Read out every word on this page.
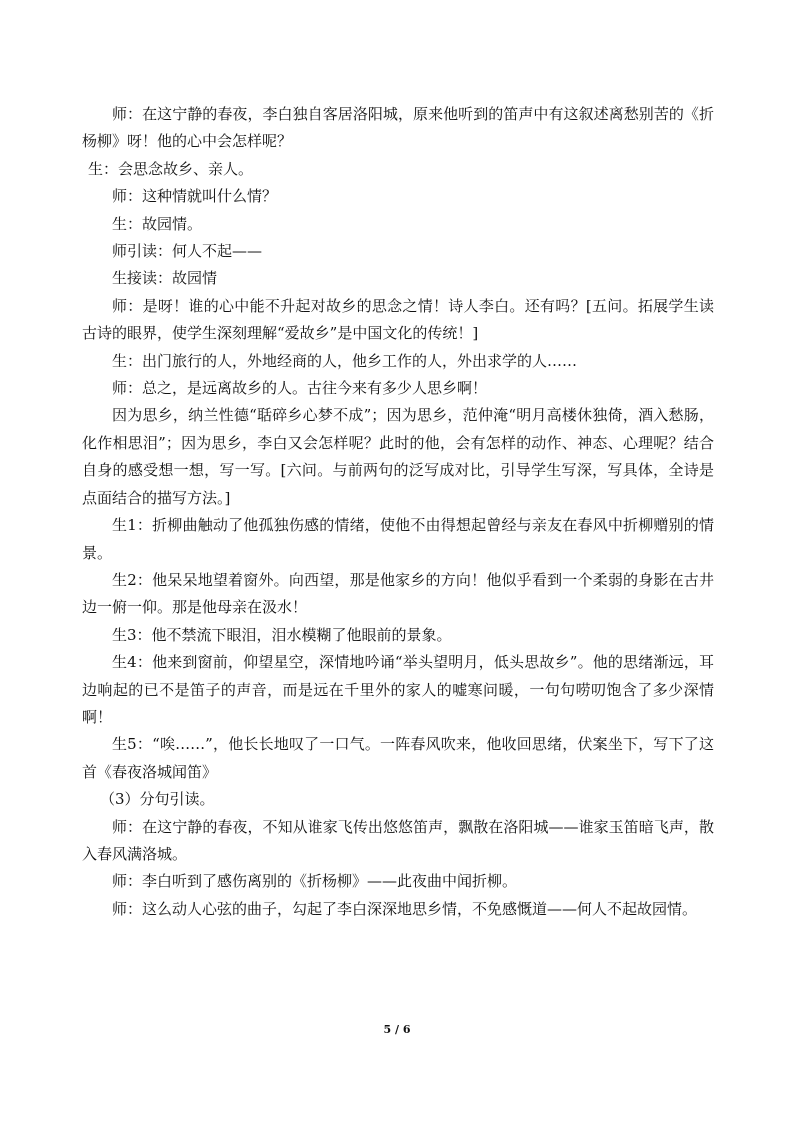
师：在这宁静的春夜，李白独自客居洛阳城，原来他听到的笛声中有这叙述离愁别苦的《折杨柳》呀！他的心中会怎样呢？

生：会思念故乡、亲人。

师：这种情就叫什么情？

生：故园情。

师引读：何人不起——

生接读：故园情

师：是呀！谁的心中能不升起对故乡的思念之情！诗人李白。还有吗？[五问。拓展学生读古诗的眼界，使学生深刻理解“爱故乡”是中国文化的传统！]

生：出门旅行的人，外地经商的人，他乡工作的人，外出求学的人……

师：总之，是远离故乡的人。古往今来有多少人思乡啊！

因为思乡，纳兰性德“聒碎乡心梦不成”；因为思乡，范仲淹“明月高楼休独倚，酒入愁肠，化作相思泪”；因为思乡，李白又会怎样呢？此时的他，会有怎样的动作、神态、心理呢？结合自身的感受想一想，写一写。[六问。与前两句的泛写成对比，引导学生写深，写具体，全诗是点面结合的描写方法。]

生1：折柳曲触动了他孤独伤感的情绪，使他不由得想起曾经与亲友在春风中折柳赠别的情景。

生2：他呆呆地望着窗外。向西望，那是他家乡的方向！他似乎看到一个柔弱的身影在古井边一俯一仰。那是他母亲在汲水！

生3：他不禁流下眼泪，泪水模糊了他眼前的景象。

生4：他来到窗前，仰望星空，深情地吟诵“举头望明月，低头思故乡”。他的思绪渐远，耳边响起的已不是笛子的声音，而是远在千里外的家人的嘘寒问暖，一句句唠叨饱含了多少深情啊！

生5：“唉……”，他长长地叹了一口气。一阵春风吹来，他收回思绪，伏案坐下，写下了这首《春夜洛城闻笛》

（3）分句引读。

师：在这宁静的春夜，不知从谁家飞传出悠悠笛声，飘散在洛阳城——谁家玉笛暗飞声，散入春风满洛城。

师：李白听到了感伤离别的《折杨柳》——此夜曲中闻折柳。

师：这么动人心弦的曲子，勾起了李白深深地思乡情，不免感慨道——何人不起故园情。

5 / 6
